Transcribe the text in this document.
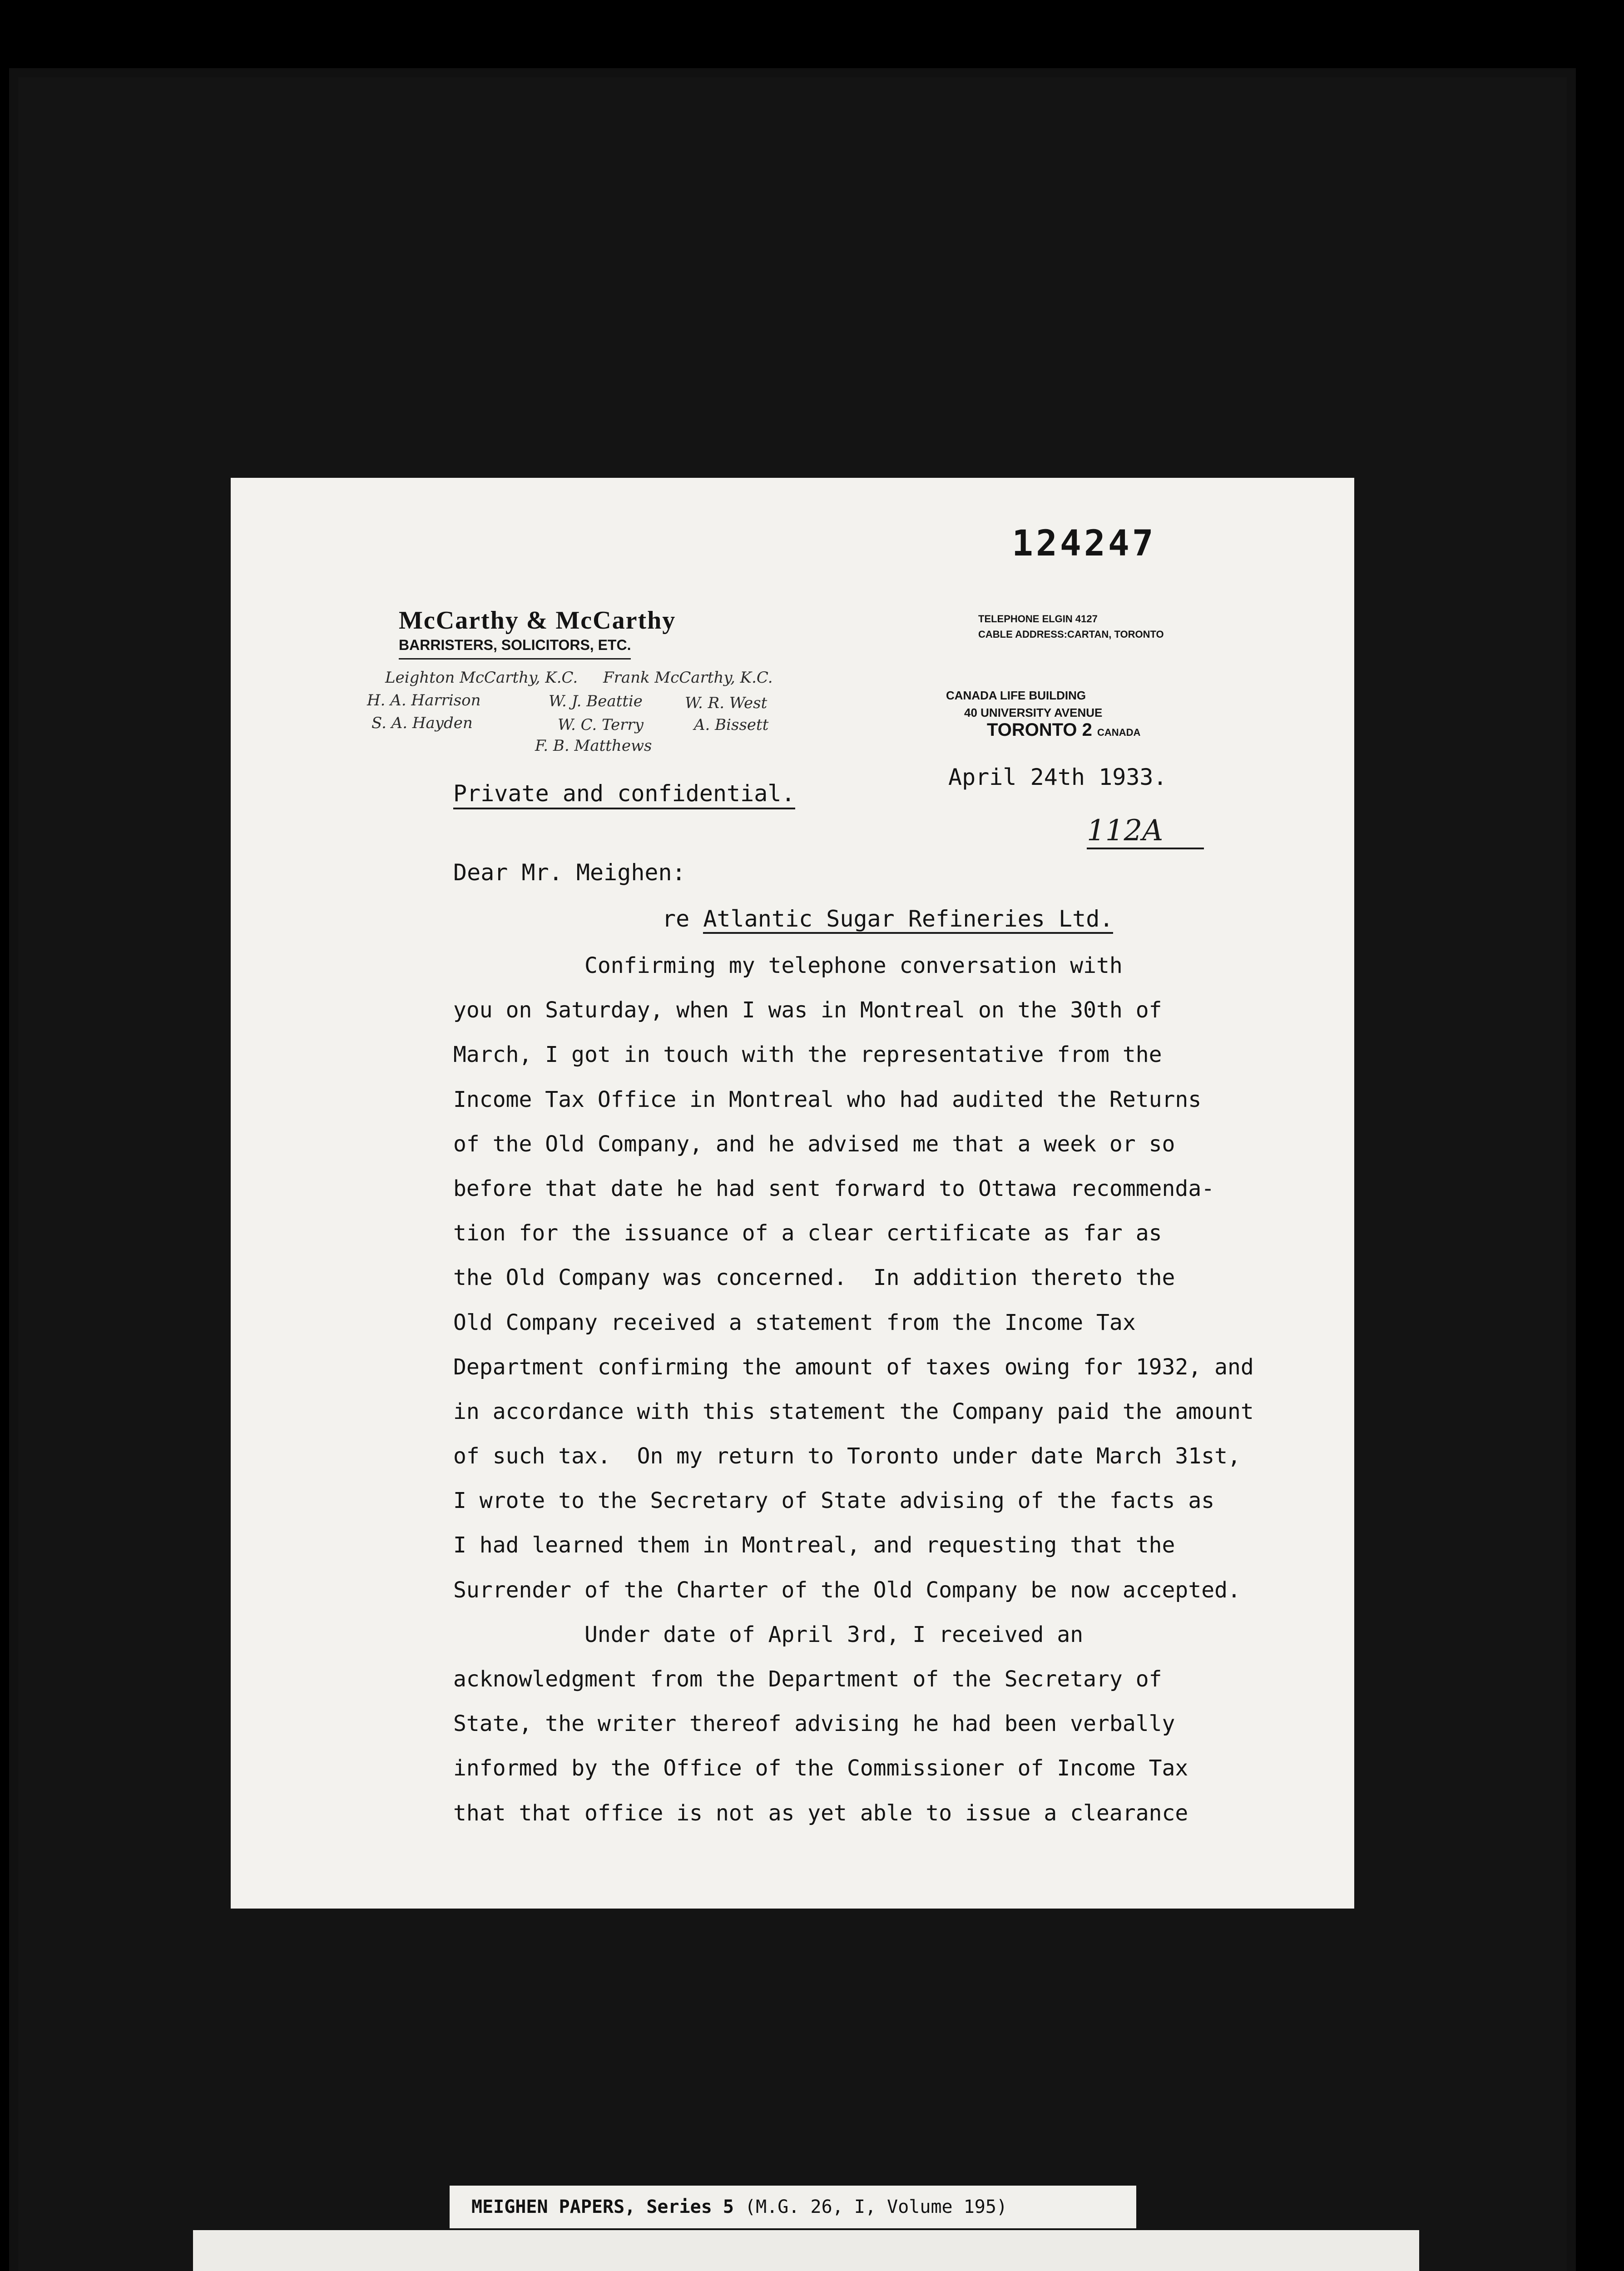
124247
McCarthy & McCarthy
BARRISTERS, SOLICITORS, ETC.
Leighton McCarthy, K.C. Frank McCarthy, K.C.
H. A. Harrison	W. J. Beattie	W. R. West
S. A. Hayden	W. C. Terry	A. Bissett
F. B. Matthews
TELEPHONE ELGIN 4127
CABLE ADDRESS:CARTAN, TORONTO
CANADA LIFE BUILDING
40 UNIVERSITY AVENUE
TORONTO 2 CANADA
April 24th 1933.
Private and confidential.
112A
Dear Mr. Meighen:
re Atlantic Sugar Refineries Ltd.
Confirming my telephone conversation with
you on Saturday, when I was in Montreal on the 30th of
March, I got in touch with the representative from the
Income Tax Office in Montreal who had audited the Returns
of the Old Company, and he advised me that a week or so
before that date he had sent forward to Ottawa recommenda-
tion for the issuance of a clear certificate as far as
the Old Company was concerned.  In addition thereto the
Old Company received a statement from the Income Tax
Department confirming the amount of taxes owing for 1932, and
in accordance with this statement the Company paid the amount
of such tax.  On my return to Toronto under date March 31st,
I wrote to the Secretary of State advising of the facts as
I had learned them in Montreal, and requesting that the
Surrender of the Charter of the Old Company be now accepted.
Under date of April 3rd, I received an
acknowledgment from the Department of the Secretary of
State, the writer thereof advising he had been verbally
informed by the Office of the Commissioner of Income Tax
that that office is not as yet able to issue a clearance
MEIGHEN PAPERS, Series 5 (M.G. 26, I, Volume 195)
